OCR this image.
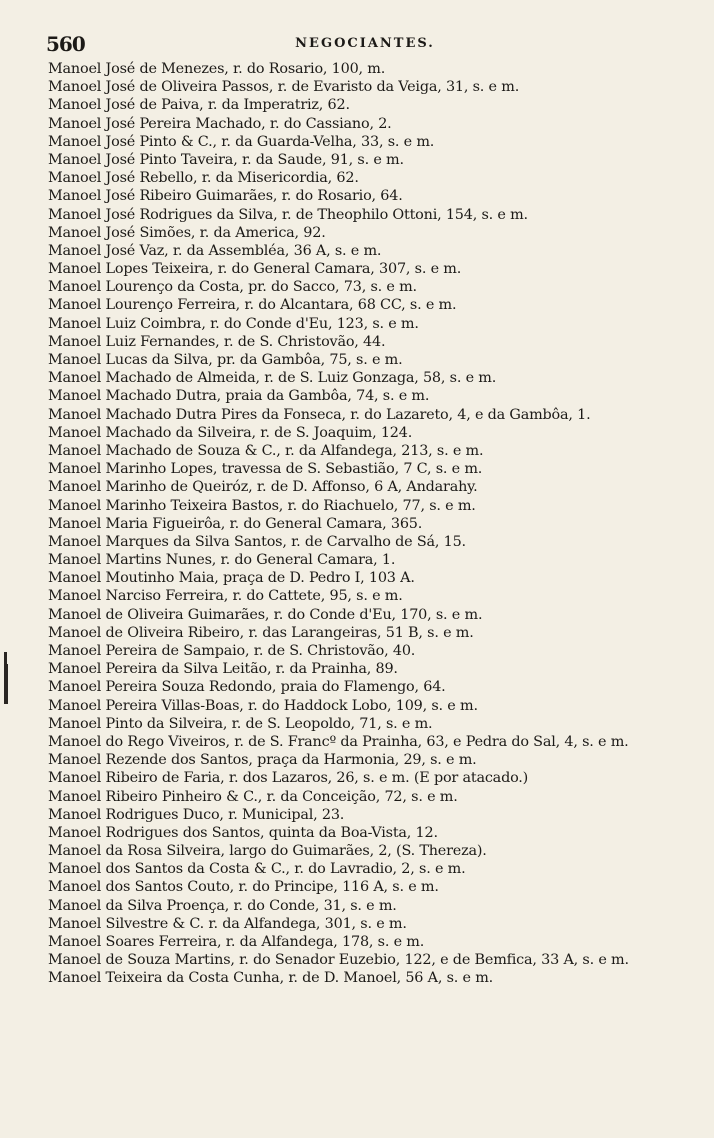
560	NEGOCIANTES.
Manoel José de Menezes, r. do Rosario, 100, m.
Manoel José de Oliveira Passos, r. de Evaristo da Veiga, 31, s. e m.
Manoel José de Paiva, r. da Imperatriz, 62.
Manoel José Pereira Machado, r. do Cassiano, 2.
Manoel José Pinto & C., r. da Guarda-Velha, 33, s. e m.
Manoel José Pinto Taveira, r. da Saude, 91, s. e m.
Manoel José Rebello, r. da Misericordia, 62.
Manoel José Ribeiro Guimarães, r. do Rosario, 64.
Manoel José Rodrigues da Silva, r. de Theophilo Ottoni, 154, s. e m.
Manoel José Simões, r. da America, 92.
Manoel José Vaz, r. da Assembléa, 36 A, s. e m.
Manoel Lopes Teixeira, r. do General Camara, 307, s. e m.
Manoel Lourenço da Costa, pr. do Sacco, 73, s. e m.
Manoel Lourenço Ferreira, r. do Alcantara, 68 CC, s. e m.
Manoel Luiz Coimbra, r. do Conde d'Eu, 123, s. e m.
Manoel Luiz Fernandes, r. de S. Christovão, 44.
Manoel Lucas da Silva, pr. da Gambôa, 75, s. e m.
Manoel Machado de Almeida, r. de S. Luiz Gonzaga, 58, s. e m.
Manoel Machado Dutra, praia da Gambôa, 74, s. e m.
Manoel Machado Dutra Pires da Fonseca, r. do Lazareto, 4, e da Gambôa, 1.
Manoel Machado da Silveira, r. de S. Joaquim, 124.
Manoel Machado de Souza & C., r. da Alfandega, 213, s. e m.
Manoel Marinho Lopes, travessa de S. Sebastião, 7 C, s. e m.
Manoel Marinho de Queiróz, r. de D. Affonso, 6 A, Andarahy.
Manoel Marinho Teixeira Bastos, r. do Riachuelo, 77, s. e m.
Manoel Maria Figueirôa, r. do General Camara, 365.
Manoel Marques da Silva Santos, r. de Carvalho de Sá, 15.
Manoel Martins Nunes, r. do General Camara, 1.
Manoel Moutinho Maia, praça de D. Pedro I, 103 A.
Manoel Narciso Ferreira, r. do Cattete, 95, s. e m.
Manoel de Oliveira Guimarães, r. do Conde d'Eu, 170, s. e m.
Manoel de Oliveira Ribeiro, r. das Larangeiras, 51 B, s. e m.
Manoel Pereira de Sampaio, r. de S. Christovão, 40.
Manoel Pereira da Silva Leitão, r. da Prainha, 89.
Manoel Pereira Souza Redondo, praia do Flamengo, 64.
Manoel Pereira Villas-Boas, r. do Haddock Lobo, 109, s. e m.
Manoel Pinto da Silveira, r. de S. Leopoldo, 71, s. e m.
Manoel do Rego Viveiros, r. de S. Francº da Prainha, 63, e Pedra do Sal, 4, s. e m.
Manoel Rezende dos Santos, praça da Harmonia, 29, s. e m.
Manoel Ribeiro de Faria, r. dos Lazaros, 26, s. e m. (E por atacado.)
Manoel Ribeiro Pinheiro & C., r. da Conceição, 72, s. e m.
Manoel Rodrigues Duco, r. Municipal, 23.
Manoel Rodrigues dos Santos, quinta da Boa-Vista, 12.
Manoel da Rosa Silveira, largo do Guimarães, 2, (S. Thereza).
Manoel dos Santos da Costa & C., r. do Lavradio, 2, s. e m.
Manoel dos Santos Couto, r. do Principe, 116 A, s. e m.
Manoel da Silva Proença, r. do Conde, 31, s. e m.
Manoel Silvestre & C. r. da Alfandega, 301, s. e m.
Manoel Soares Ferreira, r. da Alfandega, 178, s. e m.
Manoel de Souza Martins, r. do Senador Euzebio, 122, e de Bemfica, 33 A, s. e m.
Manoel Teixeira da Costa Cunha, r. de D. Manoel, 56 A, s. e m.
